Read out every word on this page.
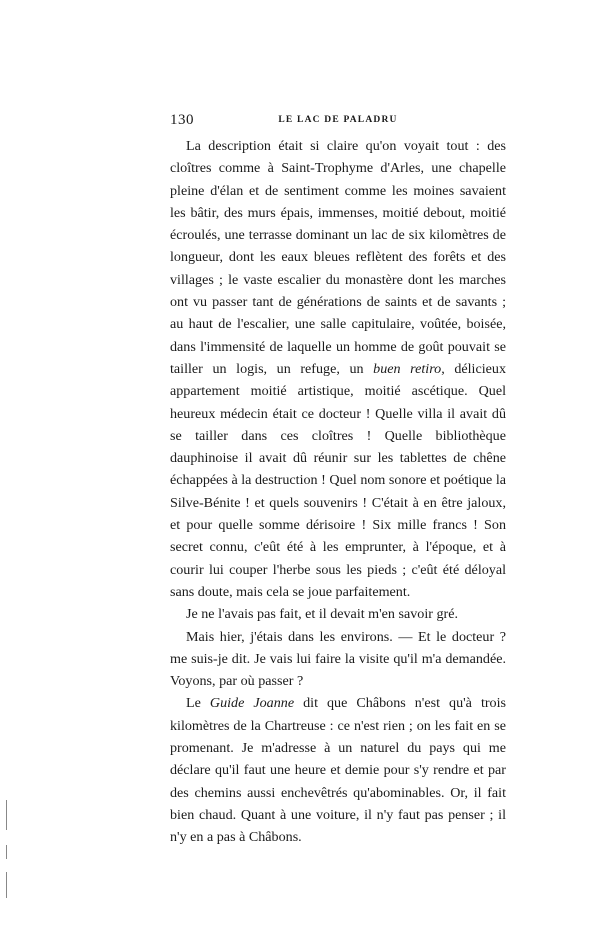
130	LE LAC DE PALADRU

La description était si claire qu'on voyait tout : des cloîtres comme à Saint-Trophyme d'Arles, une chapelle pleine d'élan et de sentiment comme les moines savaient les bâtir, des murs épais, immenses, moitié debout, moitié écroulés, une terrasse dominant un lac de six kilomètres de longueur, dont les eaux bleues reflètent des forêts et des villages ; le vaste escalier du monastère dont les marches ont vu passer tant de générations de saints et de savants ; au haut de l'escalier, une salle capitulaire, voûtée, boisée, dans l'immensité de laquelle un homme de goût pouvait se tailler un logis, un refuge, un buen retiro, délicieux appartement moitié artistique, moitié ascétique. Quel heureux médecin était ce docteur ! Quelle villa il avait dû se tailler dans ces cloîtres ! Quelle bibliothèque dauphinoise il avait dû réunir sur les tablettes de chêne échappées à la destruction ! Quel nom sonore et poétique la Silve-Bénite ! et quels souvenirs ! C'était à en être jaloux, et pour quelle somme dérisoire ! Six mille francs ! Son secret connu, c'eût été à les emprunter, à l'époque, et à courir lui couper l'herbe sous les pieds ; c'eût été déloyal sans doute, mais cela se joue parfaitement.

Je ne l'avais pas fait, et il devait m'en savoir gré.

Mais hier, j'étais dans les environs. — Et le docteur ? me suis-je dit. Je vais lui faire la visite qu'il m'a demandée. Voyons, par où passer ?

Le Guide Joanne dit que Châbons n'est qu'à trois kilomètres de la Chartreuse : ce n'est rien ; on les fait en se promenant. Je m'adresse à un naturel du pays qui me déclare qu'il faut une heure et demie pour s'y rendre et par des chemins aussi enchevêtrés qu'abominables. Or, il fait bien chaud. Quant à une voiture, il n'y faut pas penser ; il n'y en a pas à Châbons.
